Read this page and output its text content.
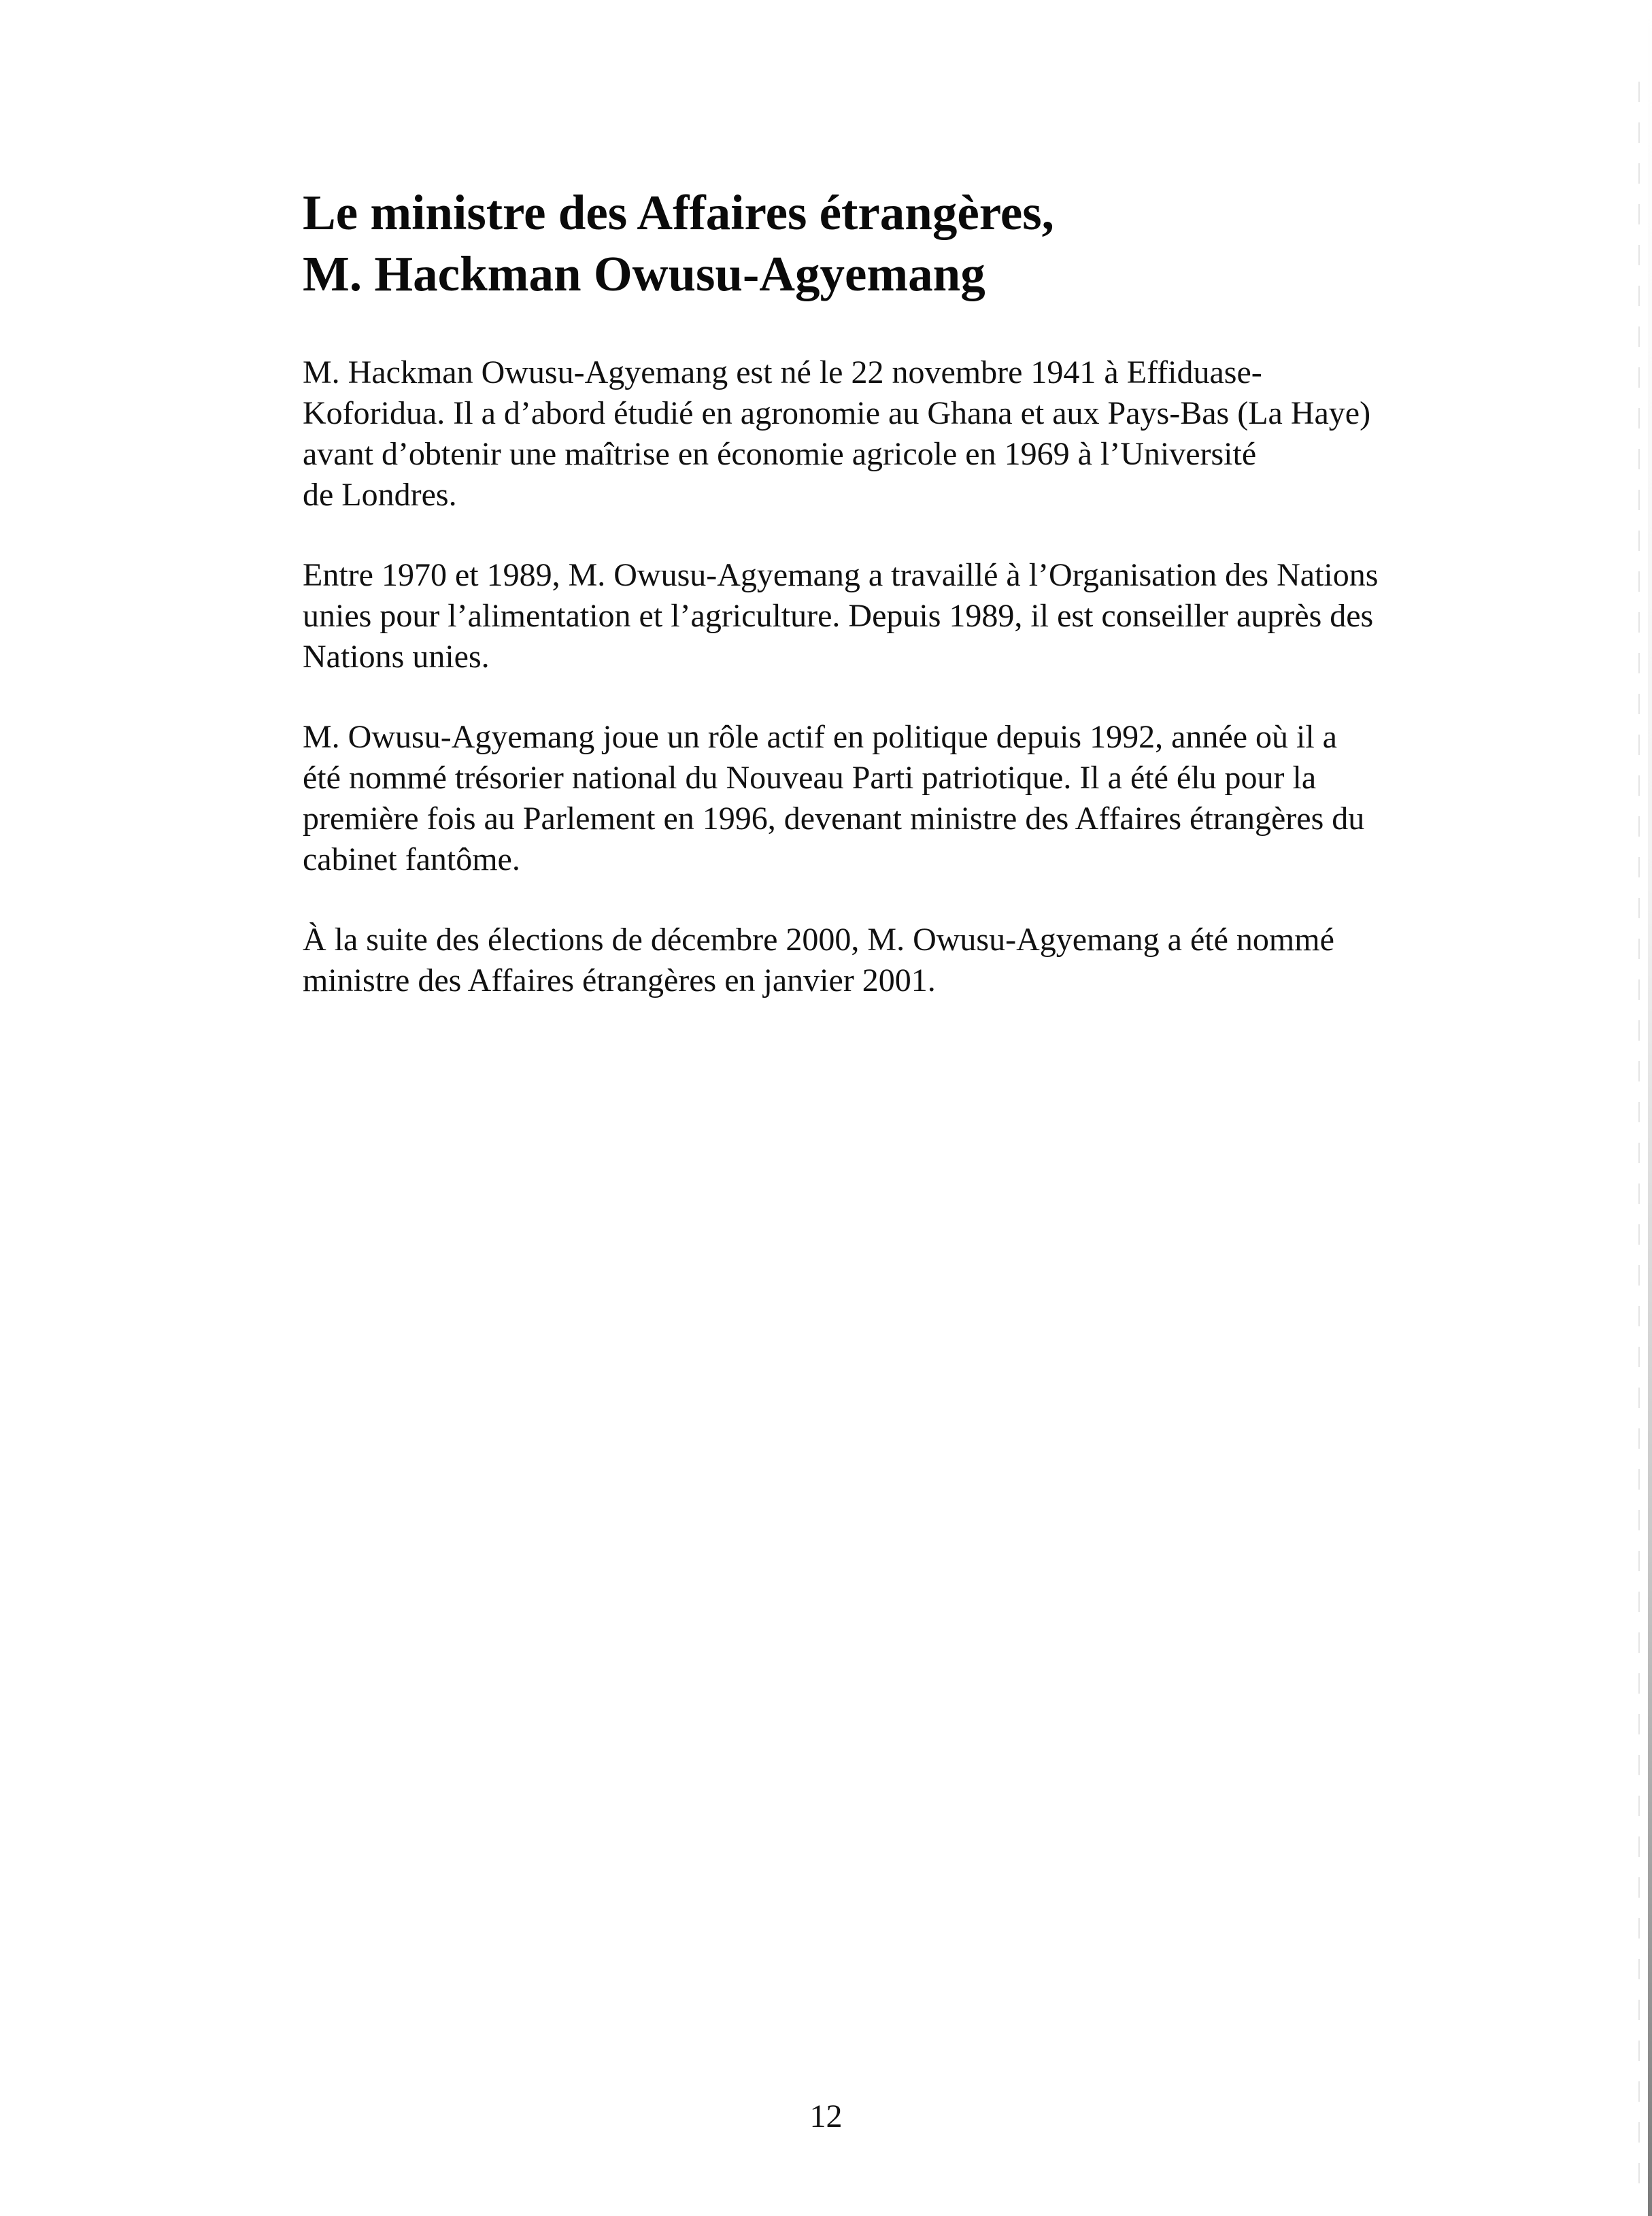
Le ministre des Affaires étrangères,
M. Hackman Owusu-Agyemang

M. Hackman Owusu-Agyemang est né le 22 novembre 1941 à Effiduase-
Koforidua. Il a d’abord étudié en agronomie au Ghana et aux Pays-Bas (La Haye)
avant d’obtenir une maîtrise en économie agricole en 1969 à l’Université
de Londres.

Entre 1970 et 1989, M. Owusu-Agyemang a travaillé à l’Organisation des Nations
unies pour l’alimentation et l’agriculture. Depuis 1989, il est conseiller auprès des
Nations unies.

M. Owusu-Agyemang joue un rôle actif en politique depuis 1992, année où il a
été nommé trésorier national du Nouveau Parti patriotique. Il a été élu pour la
première fois au Parlement en 1996, devenant ministre des Affaires étrangères du
cabinet fantôme.

À la suite des élections de décembre 2000, M. Owusu-Agyemang a été nommé
ministre des Affaires étrangères en janvier 2001.

12
